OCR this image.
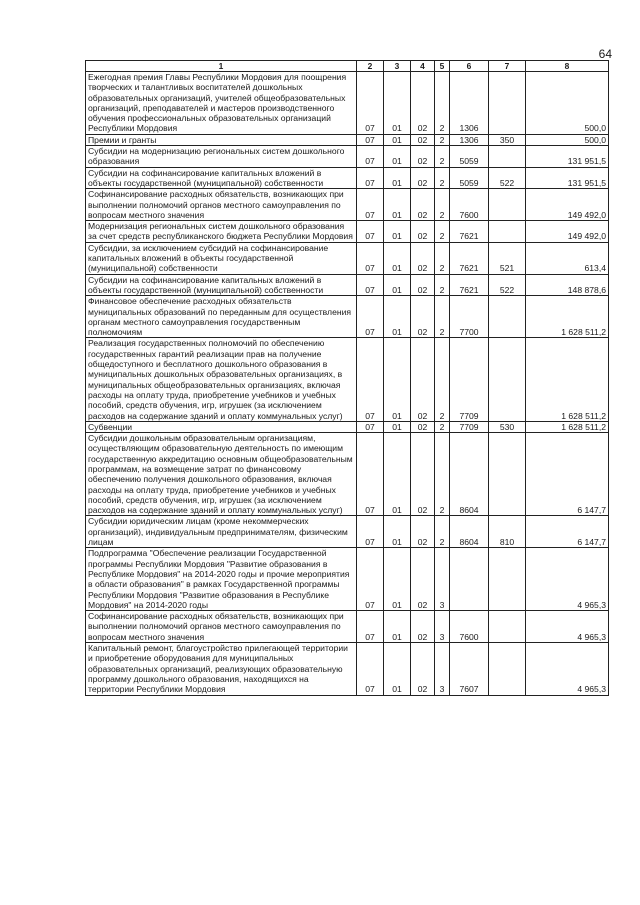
64
1	2	3	4	5	6	7	8
Ежегодная премия Главы Республики Мордовия для поощрения творческих и талантливых воспитателей дошкольных образовательных организаций, учителей общеобразовательных организаций, преподавателей и мастеров производственного обучения профессиональных образовательных организаций Республики Мордовия	07	01	02	2	1306		500,0
Премии и гранты	07	01	02	2	1306	350	500,0
Субсидии на модернизацию региональных систем дошкольного образования	07	01	02	2	5059		131 951,5
Субсидии на софинансирование капитальных вложений в объекты государственной (муниципальной) собственности	07	01	02	2	5059	522	131 951,5
Софинансирование расходных обязательств, возникающих при выполнении полномочий органов местного самоуправления по вопросам местного значения	07	01	02	2	7600		149 492,0
Модернизация региональных систем дошкольного образования за счет средств республиканского бюджета Республики Мордовия	07	01	02	2	7621		149 492,0
Субсидии, за исключением субсидий на софинансирование капитальных вложений в объекты государственной (муниципальной) собственности	07	01	02	2	7621	521	613,4
Субсидии на софинансирование капитальных вложений в объекты государственной (муниципальной) собственности	07	01	02	2	7621	522	148 878,6
Финансовое обеспечение расходных обязательств муниципальных образований по переданным для осуществления органам местного самоуправления государственным полномочиям	07	01	02	2	7700		1 628 511,2
Реализация государственных полномочий по обеспечению государственных гарантий реализации прав на получение общедоступного и бесплатного дошкольного образования в муниципальных дошкольных образовательных организациях, в муниципальных общеобразовательных организациях, включая расходы на оплату труда, приобретение учебников и учебных пособий, средств обучения, игр, игрушек (за исключением расходов на содержание зданий и оплату коммунальных услуг)	07	01	02	2	7709		1 628 511,2
Субвенции	07	01	02	2	7709	530	1 628 511,2
Субсидии дошкольным образовательным организациям, осуществляющим образовательную деятельность по имеющим государственную аккредитацию основным общеобразовательным программам, на возмещение затрат по финансовому обеспечению получения дошкольного образования, включая расходы на оплату труда, приобретение учебников и учебных пособий, средств обучения, игр, игрушек (за исключением расходов на содержание зданий и оплату коммунальных услуг)	07	01	02	2	8604		6 147,7
Субсидии юридическим лицам (кроме некоммерческих организаций), индивидуальным предпринимателям, физическим лицам	07	01	02	2	8604	810	6 147,7
Подпрограмма "Обеспечение реализации Государственной программы Республики Мордовия "Развитие образования в Республике Мордовия" на 2014-2020 годы и прочие мероприятия в области образования" в рамках Государственной программы Республики Мордовия "Развитие образования в Республике Мордовия" на 2014-2020 годы	07	01	02	3			4 965,3
Софинансирование расходных обязательств, возникающих при выполнении полномочий органов местного самоуправления по вопросам местного значения	07	01	02	3	7600		4 965,3
Капитальный ремонт, благоустройство прилегающей территории и приобретение оборудования для муниципальных образовательных организаций, реализующих образовательную программу дошкольного образования, находящихся на территории Республики Мордовия	07	01	02	3	7607		4 965,3
